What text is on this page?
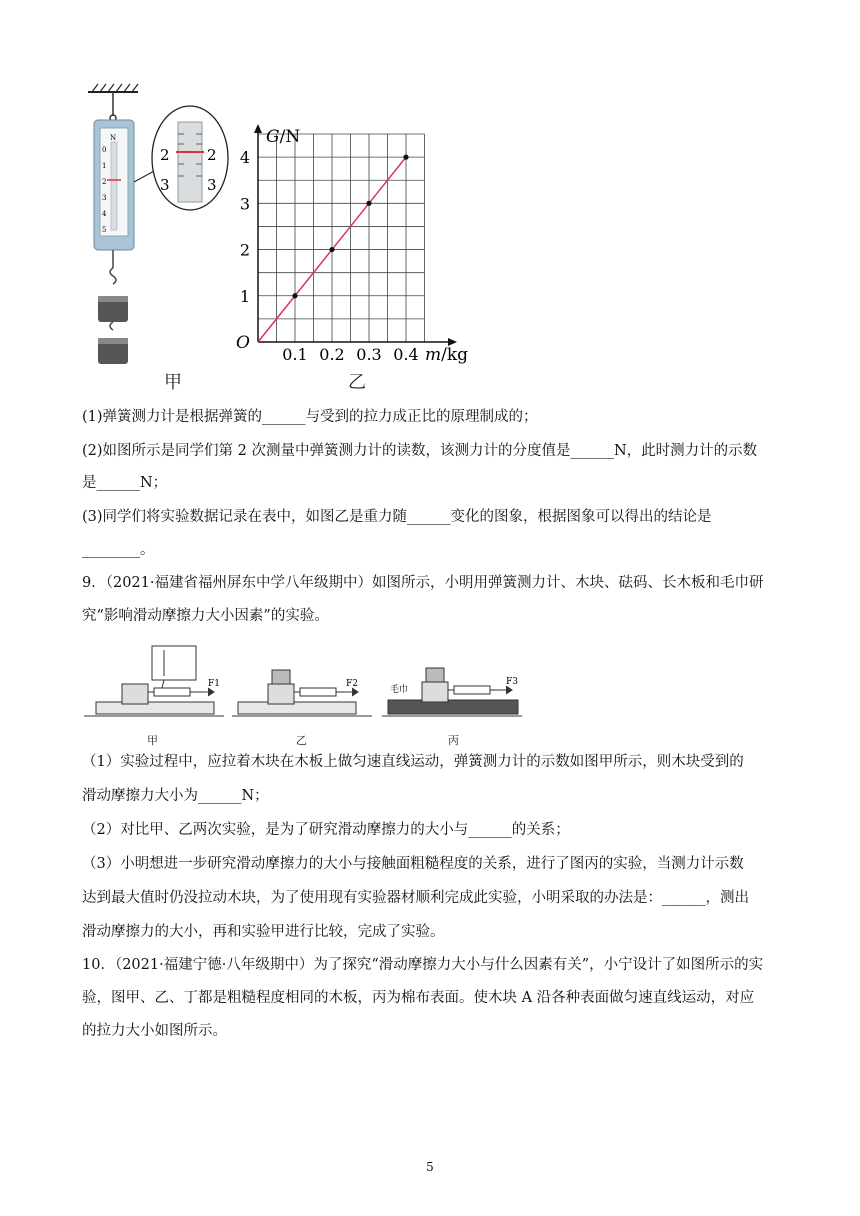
2
3
2
3
N
0
1
2
3
4
5
0.1 0.2 0.3 0.4
1
2
3
4
O
G/N
m/kg
甲	乙
(1)弹簧测力计是根据弹簧的______与受到的拉力成正比的原理制成的；
(2)如图所示是同学们第 2 次测量中弹簧测力计的读数，该测力计的分度值是______N，此时测力计的示数
是______N；
(3)同学们将实验数据记录在表中，如图乙是重力随______变化的图象，根据图象可以得出的结论是
________。
9．（2021·福建省福州屏东中学八年级期中）如图所示，小明用弹簧测力计、木块、砝码、长木板和毛巾研
究“影响滑动摩擦力大小因素”的实验。
F1	F2	F3
毛巾
甲	乙	丙
（1）实验过程中，应拉着木块在木板上做匀速直线运动，弹簧测力计的示数如图甲所示，则木块受到的
滑动摩擦力大小为______N；
（2）对比甲、乙两次实验，是为了研究滑动摩擦力的大小与______的关系；
（3）小明想进一步研究滑动摩擦力的大小与接触面粗糙程度的关系，进行了图丙的实验，当测力计示数
达到最大值时仍没拉动木块，为了使用现有实验器材顺利完成此实验，小明采取的办法是：______，测出
滑动摩擦力的大小，再和实验甲进行比较，完成了实验。
10．（2021·福建宁德·八年级期中）为了探究“滑动摩擦力大小与什么因素有关”，小宁设计了如图所示的实
验，图甲、乙、丁都是粗糙程度相同的木板，丙为棉布表面。使木块 A 沿各种表面做匀速直线运动，对应
的拉力大小如图所示。
5
